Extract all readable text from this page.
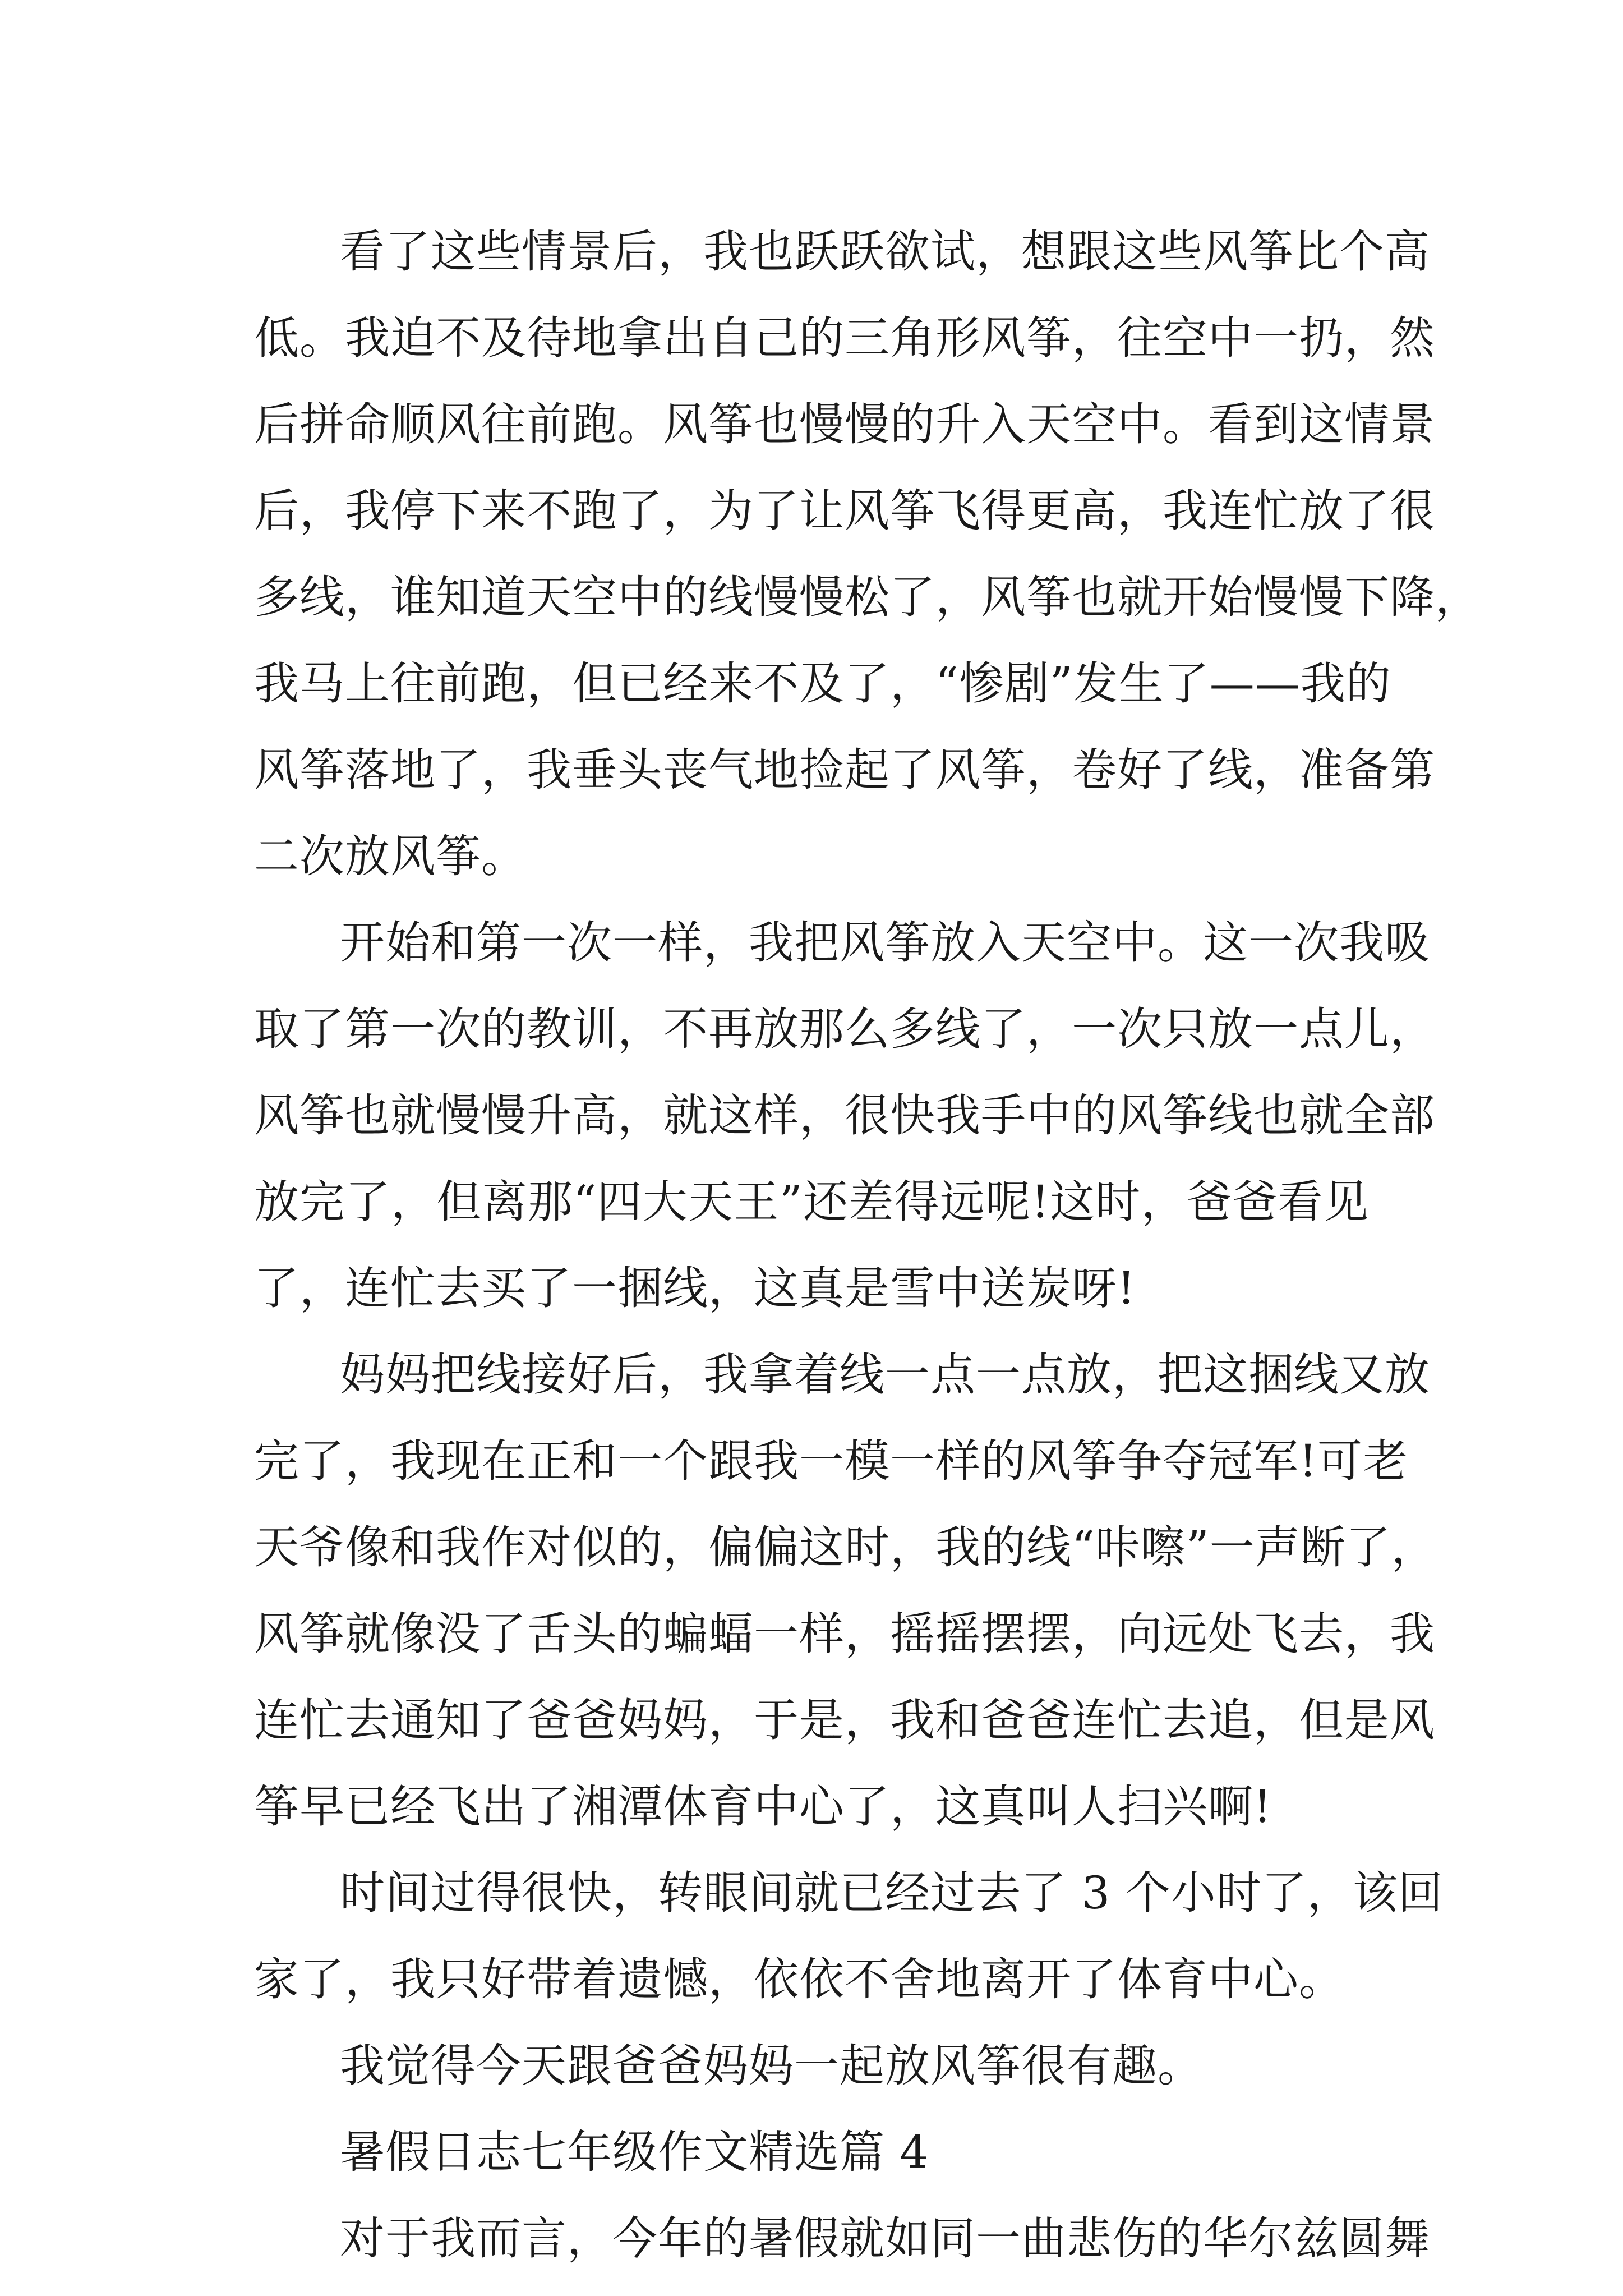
看了这些情景后，我也跃跃欲试，想跟这些风筝比个高
低。我迫不及待地拿出自己的三角形风筝，往空中一扔，然
后拼命顺风往前跑。风筝也慢慢的升入天空中。看到这情景
后，我停下来不跑了，为了让风筝飞得更高，我连忙放了很
多线，谁知道天空中的线慢慢松了，风筝也就开始慢慢下降，
我马上往前跑，但已经来不及了，“惨剧”发生了——我的
风筝落地了，我垂头丧气地捡起了风筝，卷好了线，准备第
二次放风筝。
开始和第一次一样，我把风筝放入天空中。这一次我吸
取了第一次的教训，不再放那么多线了，一次只放一点儿，
风筝也就慢慢升高，就这样，很快我手中的风筝线也就全部
放完了，但离那“四大天王”还差得远呢!这时，爸爸看见
了，连忙去买了一捆线，这真是雪中送炭呀!
妈妈把线接好后，我拿着线一点一点放，把这捆线又放
完了，我现在正和一个跟我一模一样的风筝争夺冠军!可老
天爷像和我作对似的，偏偏这时，我的线“咔嚓”一声断了，
风筝就像没了舌头的蝙蝠一样，摇摇摆摆，向远处飞去，我
连忙去通知了爸爸妈妈，于是，我和爸爸连忙去追，但是风
筝早已经飞出了湘潭体育中心了，这真叫人扫兴啊!
时间过得很快，转眼间就已经过去了 3 个小时了，该回
家了，我只好带着遗憾，依依不舍地离开了体育中心。
我觉得今天跟爸爸妈妈一起放风筝很有趣。
暑假日志七年级作文精选篇 4
对于我而言，今年的暑假就如同一曲悲伤的华尔兹圆舞
